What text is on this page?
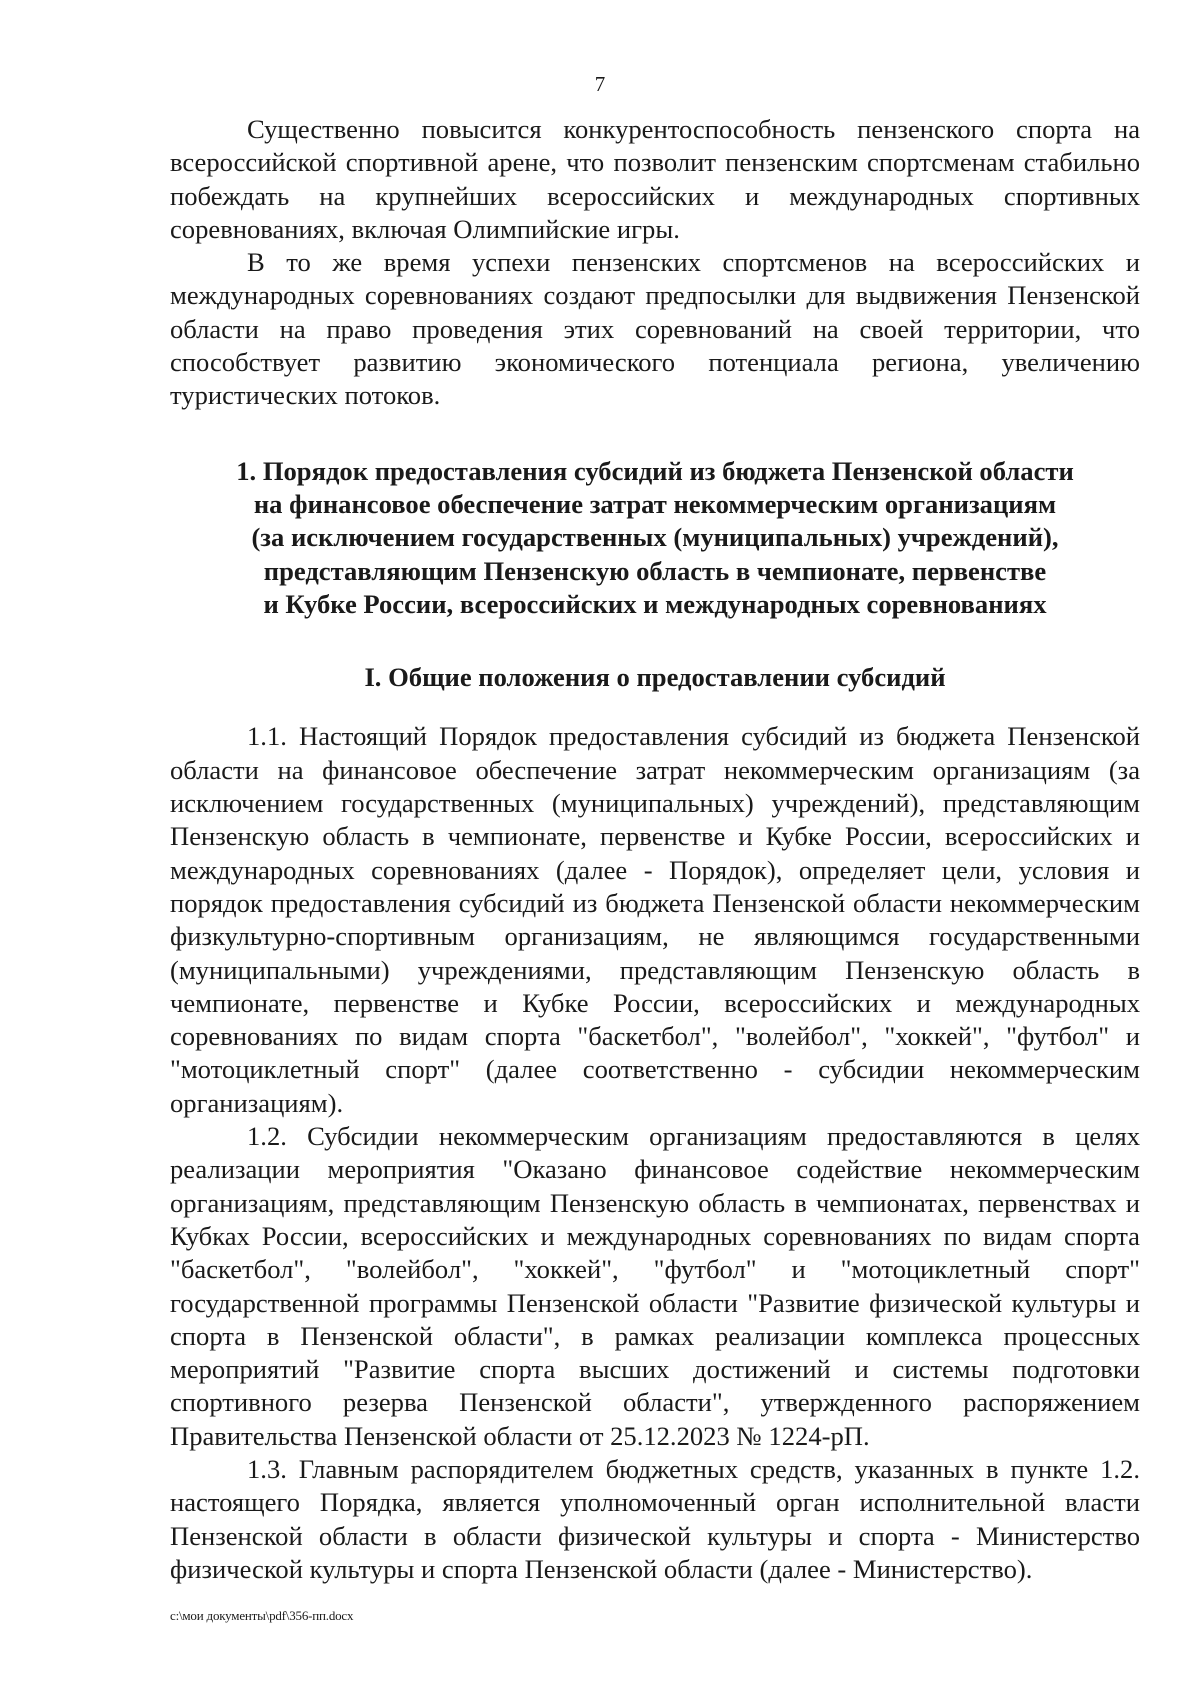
7

Существенно повысится конкурентоспособность пензенского спорта на всероссийской спортивной арене, что позволит пензенским спортсменам стабильно побеждать на крупнейших всероссийских и международных спортивных соревнованиях, включая Олимпийские игры.

В то же время успехи пензенских спортсменов на всероссийских и международных соревнованиях создают предпосылки для выдвижения Пензенской области на право проведения этих соревнований на своей территории, что способствует развитию экономического потенциала региона, увеличению туристических потоков.

1. Порядок предоставления субсидий из бюджета Пензенской области
на финансовое обеспечение затрат некоммерческим организациям
(за исключением государственных (муниципальных) учреждений),
представляющим Пензенскую область в чемпионате, первенстве
и Кубке России, всероссийских и международных соревнованиях
I. Общие положения о предоставлении субсидий

1.1. Настоящий Порядок предоставления субсидий из бюджета Пензенской области на финансовое обеспечение затрат некоммерческим организациям (за исключением государственных (муниципальных) учреждений), представляющим Пензенскую область в чемпионате, первенстве и Кубке России, всероссийских и международных соревнованиях (далее - Порядок), определяет цели, условия и порядок предоставления субсидий из бюджета Пензенской области некоммерческим физкультурно-спортивным организациям, не являющимся государственными (муниципальными) учреждениями, представляющим Пензенскую область в чемпионате, первенстве и Кубке России, всероссийских и международных соревнованиях по видам спорта "баскетбол", "волейбол", "хоккей", "футбол" и "мотоциклетный спорт" (далее соответственно - субсидии некоммерческим организациям).

1.2. Субсидии некоммерческим организациям предоставляются в целях реализации мероприятия "Оказано финансовое содействие некоммерческим организациям, представляющим Пензенскую область в чемпионатах, первенствах и Кубках России, всероссийских и международных соревнованиях по видам спорта "баскетбол", "волейбол", "хоккей", "футбол" и "мотоциклетный спорт" государственной программы Пензенской области "Развитие физической культуры и спорта в Пензенской области", в рамках реализации комплекса процессных мероприятий "Развитие спорта высших достижений и системы подготовки спортивного резерва Пензенской области", утвержденного распоряжением Правительства Пензенской области от 25.12.2023 № 1224-рП.

1.3. Главным распорядителем бюджетных средств, указанных в пункте 1.2. настоящего Порядка, является уполномоченный орган исполнительной власти Пензенской области в области физической культуры и спорта - Министерство физической культуры и спорта Пензенской области (далее - Министерство).

c:\мои документы\pdf\356-пп.docx
